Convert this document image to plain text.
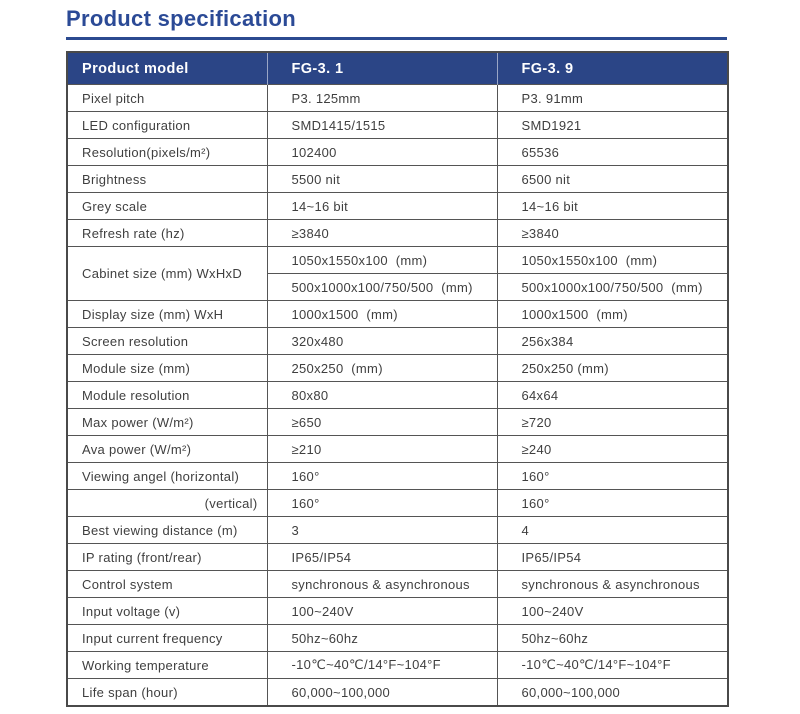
Product specification
Product model	FG-3. 1	FG-3. 9
Pixel pitch	P3. 125mm	P3. 91mm
LED configuration	SMD1415/1515	SMD1921
Resolution(pixels/m²)	102400	65536
Brightness	5500 nit	6500 nit
Grey scale	14~16 bit	14~16 bit
Refresh rate (hz)	≥3840	≥3840
Cabinet size (mm) WxHxD	1050x1550x100  (mm)	1050x1550x100  (mm)
	500x1000x100/750/500  (mm)	500x1000x100/750/500  (mm)
Display size (mm) WxH	1000x1500  (mm)	1000x1500  (mm)
Screen resolution	320x480	256x384
Module size (mm)	250x250  (mm)	250x250 (mm)
Module resolution	80x80	64x64
Max power (W/m²)	≥650	≥720
Ava power (W/m²)	≥210	≥240
Viewing angel (horizontal)	160°	160°
(vertical)	160°	160°
Best viewing distance (m)	3	4
IP rating (front/rear)	IP65/IP54	IP65/IP54
Control system	synchronous & asynchronous	synchronous & asynchronous
Input voltage (v)	100~240V	100~240V
Input current frequency	50hz~60hz	50hz~60hz
Working temperature	-10℃~40℃/14°F~104°F	-10℃~40℃/14°F~104°F
Life span (hour)	60,000~100,000	60,000~100,000
